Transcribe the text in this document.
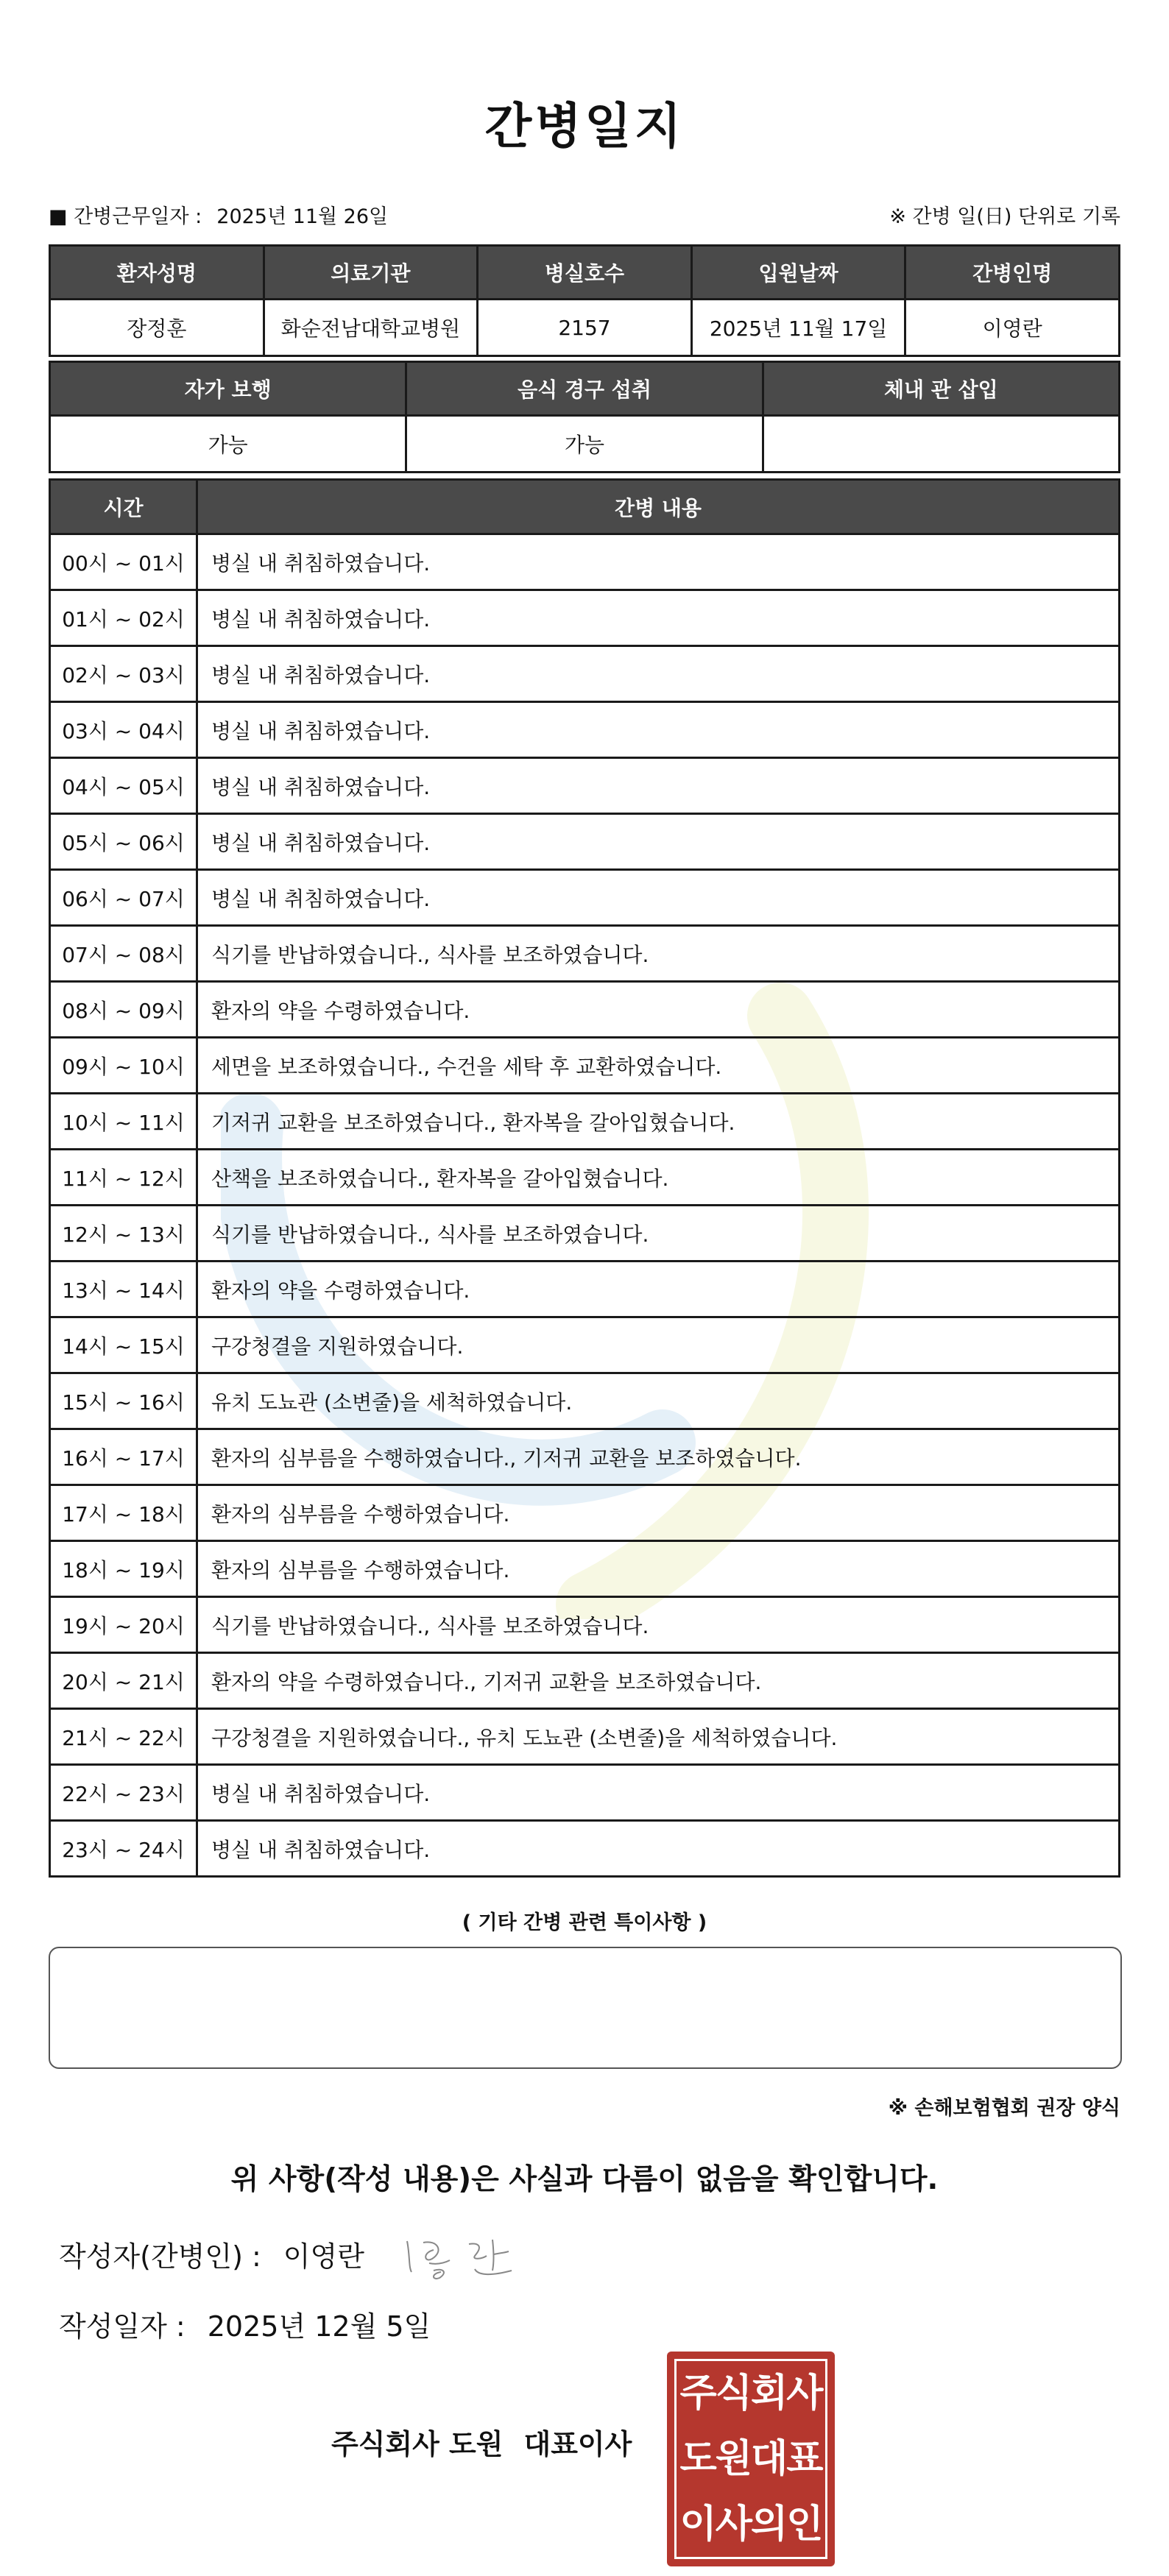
간병일지
■ 간병근무일자 : 2025년 11월 26일	※ 간병 일(日) 단위로 기록
환자성명	의료기관	병실호수	입원날짜	간병인명
장정훈	화순전남대학교병원	2157	2025년 11월 17일	이영란
자가 보행	음식 경구 섭취	체내 관 삽입
가능	가능	
시간	간병 내용
00시 ~ 01시	병실 내 취침하였습니다.
01시 ~ 02시	병실 내 취침하였습니다.
02시 ~ 03시	병실 내 취침하였습니다.
03시 ~ 04시	병실 내 취침하였습니다.
04시 ~ 05시	병실 내 취침하였습니다.
05시 ~ 06시	병실 내 취침하였습니다.
06시 ~ 07시	병실 내 취침하였습니다.
07시 ~ 08시	식기를 반납하였습니다., 식사를 보조하였습니다.
08시 ~ 09시	환자의 약을 수령하였습니다.
09시 ~ 10시	세면을 보조하였습니다., 수건을 세탁 후 교환하였습니다.
10시 ~ 11시	기저귀 교환을 보조하였습니다., 환자복을 갈아입혔습니다.
11시 ~ 12시	산책을 보조하였습니다., 환자복을 갈아입혔습니다.
12시 ~ 13시	식기를 반납하였습니다., 식사를 보조하였습니다.
13시 ~ 14시	환자의 약을 수령하였습니다.
14시 ~ 15시	구강청결을 지원하였습니다.
15시 ~ 16시	유치 도뇨관 (소변줄)을 세척하였습니다.
16시 ~ 17시	환자의 심부름을 수행하였습니다., 기저귀 교환을 보조하였습니다.
17시 ~ 18시	환자의 심부름을 수행하였습니다.
18시 ~ 19시	환자의 심부름을 수행하였습니다.
19시 ~ 20시	식기를 반납하였습니다., 식사를 보조하였습니다.
20시 ~ 21시	환자의 약을 수령하였습니다., 기저귀 교환을 보조하였습니다.
21시 ~ 22시	구강청결을 지원하였습니다., 유치 도뇨관 (소변줄)을 세척하였습니다.
22시 ~ 23시	병실 내 취침하였습니다.
23시 ~ 24시	병실 내 취침하였습니다.
( 기타 간병 관련 특이사항 )
※ 손해보험협회 권장 양식
위 사항(작성 내용)은 사실과 다름이 없음을 확인합니다.
작성자(간병인) : 이영란
작성일자 : 2025년 12월 5일
주식회사 도원 대표이사
주식회사
도원대표
이사의인
